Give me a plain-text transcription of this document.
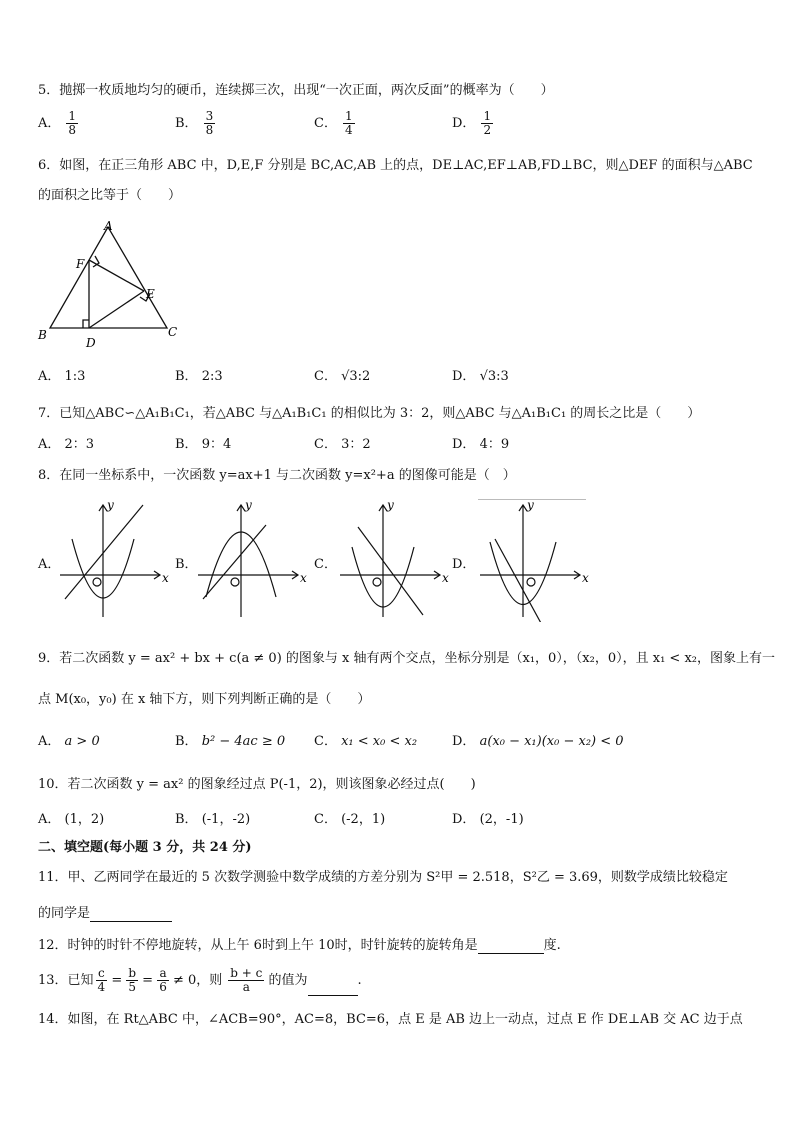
5．抛掷一枚质地均匀的硬币，连续掷三次，出现“一次正面，两次反面”的概率为（　　）
A． $\frac{1}{8}$	B． $\frac{3}{8}$	C． $\frac{1}{4}$	D． $\frac{1}{2}$
6．如图，在正三角形 ABC 中，D,E,F 分别是 BC,AC,AB 上的点，DE⊥AC,EF⊥AB,FD⊥BC，则△DEF 的面积与△ABC
的面积之比等于（　　）
A
F
E
B	C
D
A． 1:3	B． 2:3	C． √3:2	D． √3:3
7．已知△ABC∽△A₁B₁C₁，若△ABC 与△A₁B₁C₁ 的相似比为 3：2，则△ABC 与△A₁B₁C₁ 的周长之比是（　　）
A． 2：3	B． 9：4	C． 3：2	D． 4：9
8．在同一坐标系中，一次函数 y=ax+1 与二次函数 y=x²+a 的图像可能是（　）
A．
y
x
B．
y
x
C．
y
x
D．
y
x
9．若二次函数 y = ax² + bx + c(a ≠ 0) 的图象与 x 轴有两个交点，坐标分别是（x₁，0），（x₂，0），且 x₁ < x₂，图象上有一
点 M(x₀，y₀) 在 x 轴下方，则下列判断正确的是（　　）
A． a > 0	B． b² − 4ac ≥ 0 C． x₁ < x₀ < x₂	D． a(x₀ − x₁)(x₀ − x₂) < 0
10．若二次函数 y = ax² 的图象经过点 P(-1，2)，则该图象必经过点(　　)
A． (1，2)	B． (-1，-2)	C． (-2，1)	D． (2，-1)
二、填空题(每小题 3 分，共 24 分)
11．甲、乙两同学在最近的 5 次数学测验中数学成绩的方差分别为 S²甲 = 2.518，S²乙 = 3.69，则数学成绩比较稳定
的同学是
12．时钟的时针不停地旋转，从上午 6时到上午 10时，时针旋转的旋转角是	度.
13．已知 $\frac{c}{4} = \frac{b}{5} = \frac{a}{6} \ne 0$，则 $\frac{b + c}{a}$ 的值为	.
14．如图，在 Rt△ABC 中，∠ACB=90°，AC=8，BC=6，点 E 是 AB 边上一动点，过点 E 作 DE⊥AB 交 AC 边于点
